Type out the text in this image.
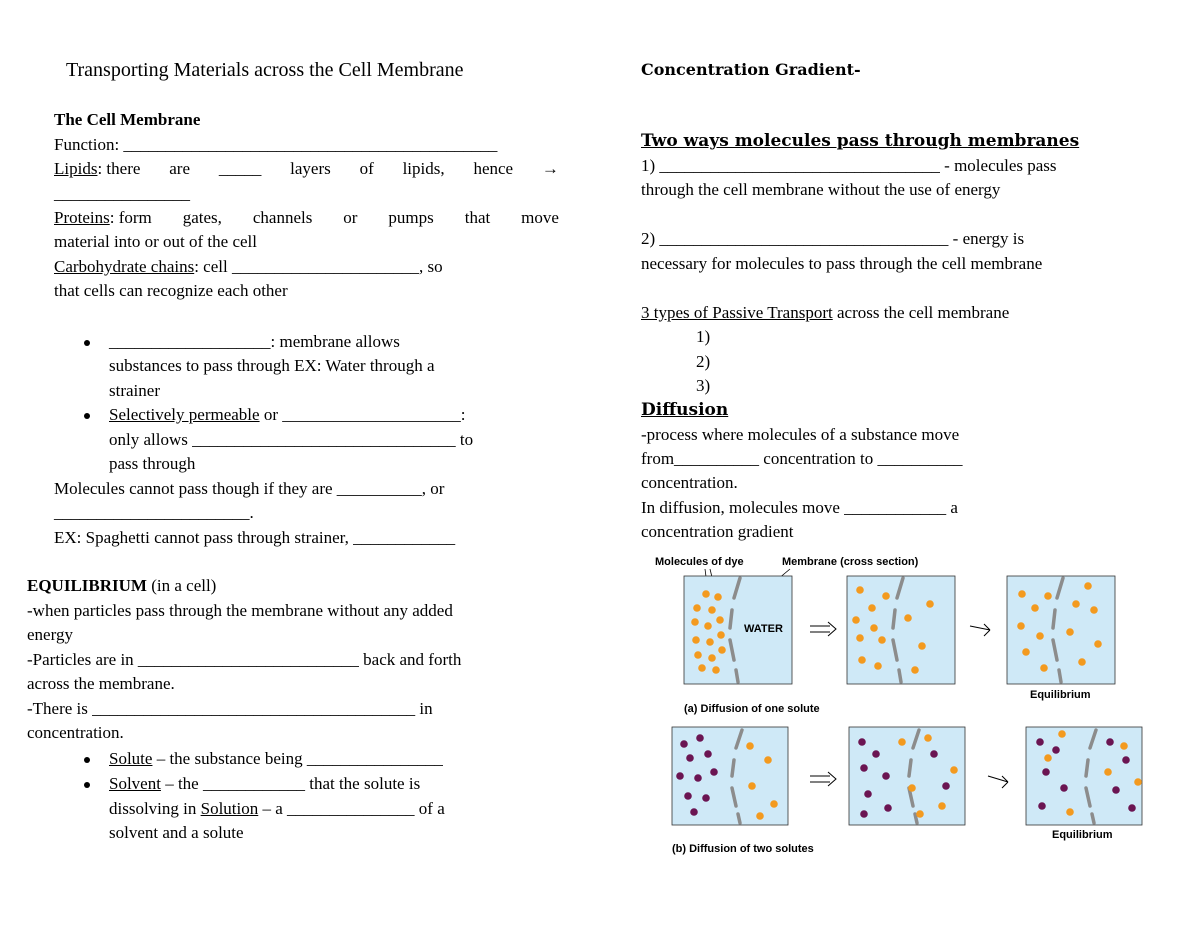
Transporting Materials across the Cell Membrane
The Cell Membrane
Function: ____________________________________________
Lipids: there are _____ layers of lipids, hence →
________________
Proteins: form gates, channels or pumps that move
material into or out of the cell
Carbohydrate chains: cell ______________________, so
that cells can recognize each other
___________________: membrane allows
substances to pass through EX: Water through a
strainer
Selectively permeable or _____________________:
only allows _______________________________ to
pass through
Molecules cannot pass though if they are __________, or
_______________________.
EX: Spaghetti cannot pass through strainer, ____________
EQUILIBRIUM (in a cell)
-when particles pass through the membrane without any added
energy
-Particles are in __________________________ back and forth
across the membrane.
-There is ______________________________________ in
concentration.
Solute – the substance being ________________
Solvent – the ____________ that the solute is
dissolving in Solution – a _______________ of a
solvent and a solute
Concentration Gradient-
Two ways molecules pass through membranes
1) _________________________________ - molecules pass
through the cell membrane without the use of energy
2) __________________________________ - energy is
necessary for molecules to pass through the cell membrane
3 types of Passive Transport across the cell membrane
1)
2)
3)
Diffusion
-process where molecules of a substance move
from__________ concentration to __________
concentration.
In diffusion, molecules move ____________ a
concentration gradient
Molecules of dye	Membrane (cross section)
WATER
Equilibrium
(a) Diffusion of one solute
Equilibrium
(b) Diffusion of two solutes
